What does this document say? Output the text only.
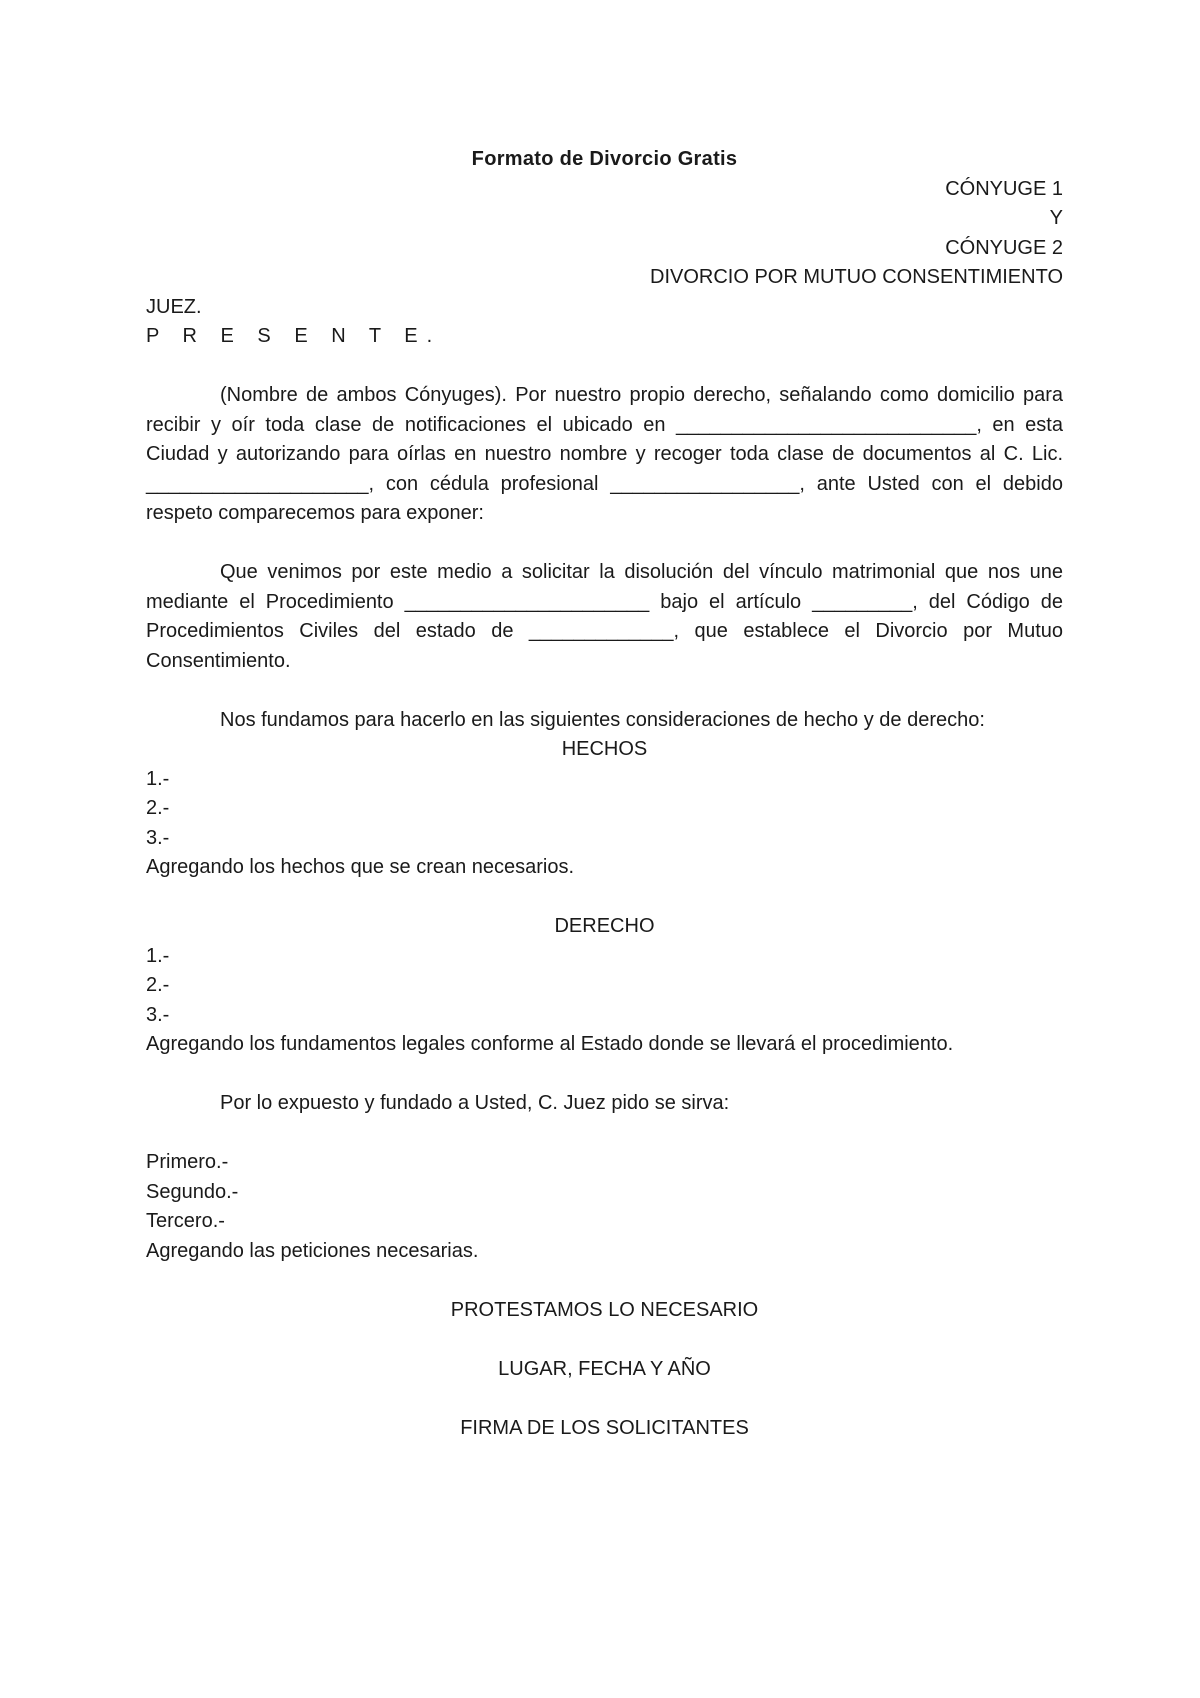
Formato de Divorcio Gratis
CÓNYUGE 1
Y
CÓNYUGE 2
DIVORCIO POR MUTUO CONSENTIMIENTO
JUEZ.
P R E S E N T E.

(Nombre de ambos Cónyuges). Por nuestro propio derecho, señalando como domicilio para recibir y oír toda clase de notificaciones el ubicado en ___________________________, en esta Ciudad y autorizando para oírlas en nuestro nombre y recoger toda clase de documentos al C. Lic. ____________________, con cédula profesional _________________, ante Usted con el debido respeto comparecemos para exponer:

Que venimos por este medio a solicitar la disolución del vínculo matrimonial que nos une mediante el Procedimiento ______________________ bajo el artículo _________, del Código de Procedimientos Civiles del estado de _____________, que establece el Divorcio por Mutuo Consentimiento.

Nos fundamos para hacerlo en las siguientes consideraciones de hecho y de derecho:

HECHOS
1.-
2.-
3.-
Agregando los hechos que se crean necesarios.
DERECHO
1.-
2.-
3.-
Agregando los fundamentos legales conforme al Estado donde se llevará el procedimiento.

Por lo expuesto y fundado a Usted, C. Juez pido se sirva:

Primero.-
Segundo.-
Tercero.-
Agregando las peticiones necesarias.
PROTESTAMOS LO NECESARIO
LUGAR, FECHA Y AÑO
FIRMA DE LOS SOLICITANTES
